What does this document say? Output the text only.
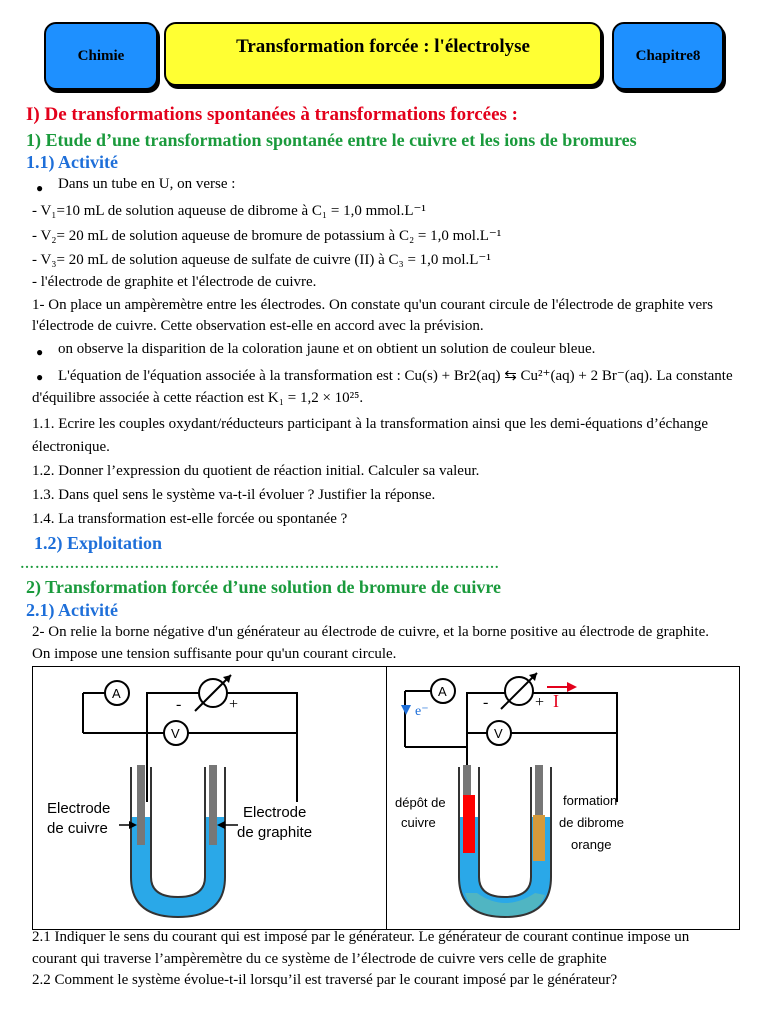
Chimie	Transformation forcée : l'électrolyse	Chapitre8
I) De transformations spontanées à transformations forcées :
1) Etude d’une transformation spontanée entre le cuivre et les ions de bromures
1.1) Activité
● Dans un tube en U, on verse :
- V₁=10 mL de solution aqueuse de dibrome à C₁ = 1,0 mmol.L⁻¹
- V₂= 20 mL de solution aqueuse de bromure de potassium à C₂ = 1,0 mol.L⁻¹
- V₃= 20 mL de solution aqueuse de sulfate de cuivre (II) à C₃ = 1,0 mol.L⁻¹
- l'électrode de graphite et l'électrode de cuivre.
1- On place un ampèremètre entre les électrodes. On constate qu'un courant circule de l'électrode de graphite vers
l'électrode de cuivre. Cette observation est-elle en accord avec la prévision.
● on observe la disparition de la coloration jaune et on obtient un solution de couleur bleue.
● L'équation de l'équation associée à la transformation est : Cu(s) + Br2(aq) ⇆ Cu²⁺(aq) + 2 Br⁻(aq). La constante
d'équilibre associée à cette réaction est K₁ = 1,2 × 10²⁵.
1.1. Ecrire les couples oxydant/réducteurs participant à la transformation ainsi que les demi-équations d’échange
électronique.
1.2. Donner l’expression du quotient de réaction initial. Calculer sa valeur.
1.3. Dans quel sens le système va-t-il évoluer ? Justifier la réponse.
1.4. La transformation est-elle forcée ou spontanée ?
1.2) Exploitation
……………………………………………………………………………………
2) Transformation forcée d’une solution de bromure de cuivre
2.1) Activité
2- On relie la borne négative d'un générateur au électrode de cuivre, et la borne positive au électrode de graphite.
On impose une tension suffisante pour qu'un courant circule.
A
-	+
V
Electrode
de cuivre
Electrode
de graphite
A
-	+
V
e⁻
I
dépôt de
cuivre
formation
de dibrome
orange
2.1 Indiquer le sens du courant qui est imposé par le générateur. Le générateur de courant continue impose un
courant qui traverse l’ampèremètre du ce système de l’électrode de cuivre vers celle de graphite
2.2 Comment le système évolue-t-il lorsqu’il est traversé par le courant imposé par le générateur?
